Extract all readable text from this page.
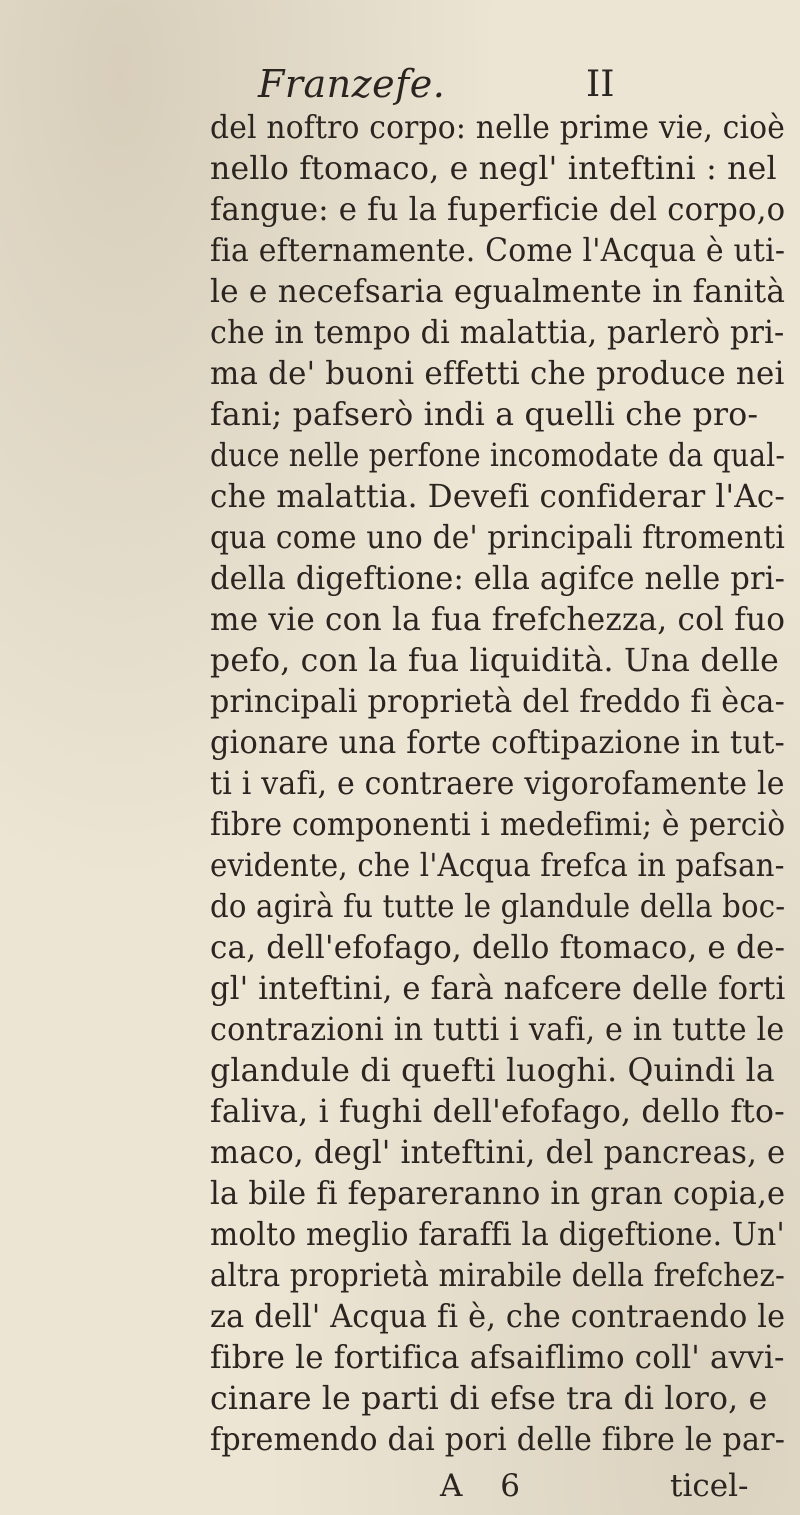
Franzefe.	II
del noftro corpo: nelle prime vie, cioè
nello ftomaco, e negl' inteftini : nel
fangue: e fu la fuperficie del corpo,o
fia efternamente. Come l'Acqua è uti-
le e necefsaria egualmente in fanità
che in tempo di malattia, parlerò pri-
ma de' buoni effetti che produce nei
fani; pafserò indi a quelli che pro-
duce nelle perfone incomodate da qual-
che malattia. Devefi confiderar l'Ac-
qua come uno de' principali ftromenti
della digeftione: ella agifce nelle pri-
me vie con la fua frefchezza, col fuo
pefo, con la fua liquidità. Una delle
principali proprietà del freddo fi èca-
gionare una forte coftipazione in tut-
ti i vafi, e contraere vigorofamente le
fibre componenti i medefimi; è perciò
evidente, che l'Acqua frefca in pafsan-
do agirà fu tutte le glandule della boc-
ca, dell'efofago, dello ftomaco, e de-
gl' inteftini, e farà nafcere delle forti
contrazioni in tutti i vafi, e in tutte le
glandule di quefti luoghi. Quindi la
faliva, i fughi dell'efofago, dello fto-
maco, degl' inteftini, del pancreas, e
la bile fi fepareranno in gran copia,e
molto meglio faraffi la digeftione. Un'
altra proprietà mirabile della frefchez-
za dell' Acqua fi è, che contraendo le
fibre le fortifica afsaiflimo coll' avvi-
cinare le parti di efse tra di loro, e
fpremendo dai pori delle fibre le par-
A 6	ticel-
